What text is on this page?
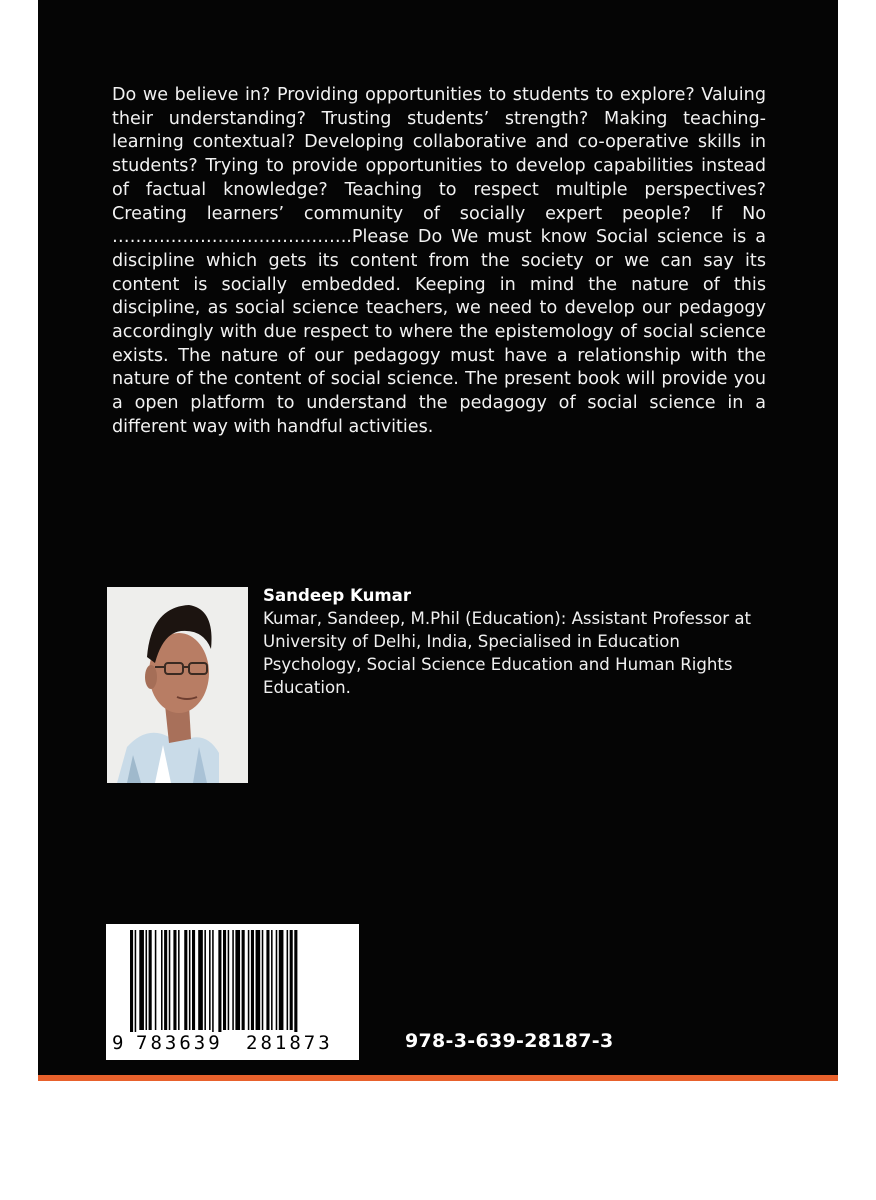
Do we believe in? Providing opportunities to students to explore? Valuing their understanding? Trusting students’ strength? Making teaching-learning contextual? Developing collaborative and co-operative skills in students? Trying to provide opportunities to develop capabilities instead of factual knowledge? Teaching to respect multiple perspectives? Creating learners’ community of socially expert people? If No …………………………………..Please Do We must know Social science is a discipline which gets its content from the society or we can say its content is socially embedded. Keeping in mind the nature of this discipline, as social science teachers, we need to develop our pedagogy accordingly with due respect to where the epistemology of social science exists. The nature of our pedagogy must have a relationship with the nature of the content of social science. The present book will provide you a open platform to understand the pedagogy of social science in a different way with handful activities.

Sandeep Kumar

Kumar, Sandeep, M.Phil (Education): Assistant Professor at University of Delhi, India, Specialised in Education Psychology, Social Science Education and Human Rights Education.

9 783639 281873	978-3-639-28187-3
